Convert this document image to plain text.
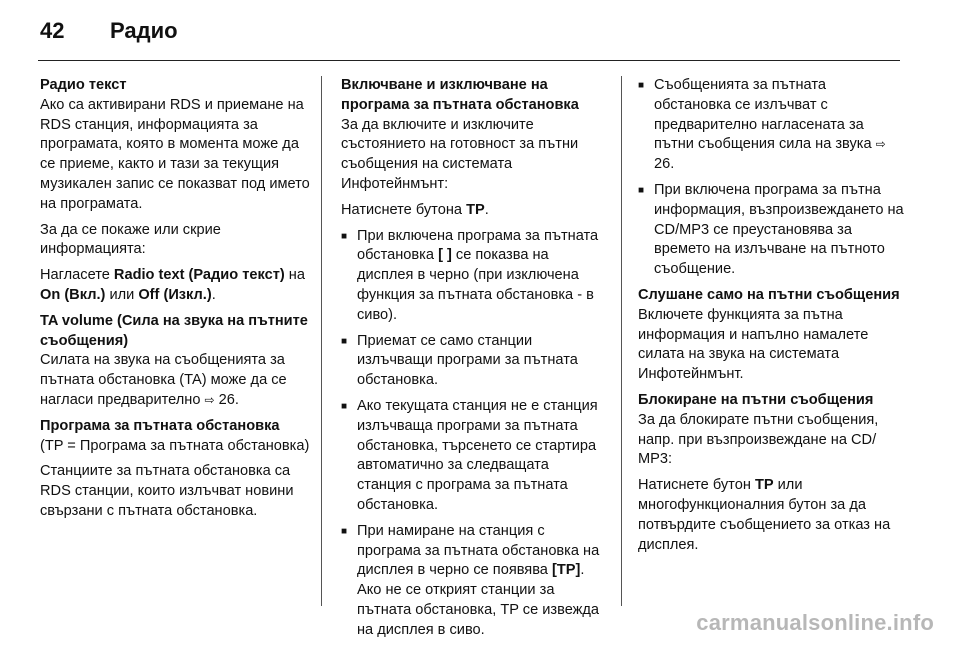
42 Радио
Радио текст

Ако са активирани RDS и приемане на RDS станция, информацията за програмата, която в момента може да се приеме, както и тази за текущия музикален запис се показват под името на програмата.

За да се покаже или скрие информацията:

Нагласете Radio text (Радио текст) на On (Вкл.) или Off (Изкл.).

TA volume (Сила на звука на пътните съобщения)

Силата на звука на съобщенията за пътната обстановка (TA) може да се нагласи предварително ⇨ 26.

Програма за пътната обстановка

(TP = Програма за пътната обстановка)

Станциите за пътната обстановка са RDS станции, които излъчват новини свързани с пътната обстановка.

Включване и изключване на програма за пътната обстановка

За да включите и изключите състоянието на готовност за пътни съобщения на системата Инфотейнмънт:

Натиснете бутона TP.

■ При включена програма за пътната обстановка [ ] се показва на дисплея в черно (при изключена функция за пътната обстановка - в сиво).
■ Приемат се само станции излъчващи програми за пътната обстановка.
■ Ако текущата станция не е станция излъчваща програми за пътната обстановка, търсенето се стартира автоматично за следващата станция с програма за пътната обстановка.
■ При намиране на станция с програма за пътната обстановка на дисплея в черно се появява [TP]. Ако не се открият станции за пътната обстановка, TP се извежда на дисплея в сиво.
■ Съобщенията за пътната обстановка се излъчват с предварително нагласената за пътни съобщения сила на звука ⇨ 26.
■ При включена програма за пътна информация, възпроизвеждането на CD/MP3 се преустановява за времето на излъчване на пътното съобщение.
Слушане само на пътни съобщения

Включете функцията за пътна информация и напълно намалете силата на звука на системата Инфотейнмънт.

Блокиране на пътни съобщения

За да блокирате пътни съобщения, напр. при възпроизвеждане на CD/ MP3:

Натиснете бутон TP или многофункционалния бутон за да потвърдите съобщението за отказ на дисплея.

carmanualsonline.info
